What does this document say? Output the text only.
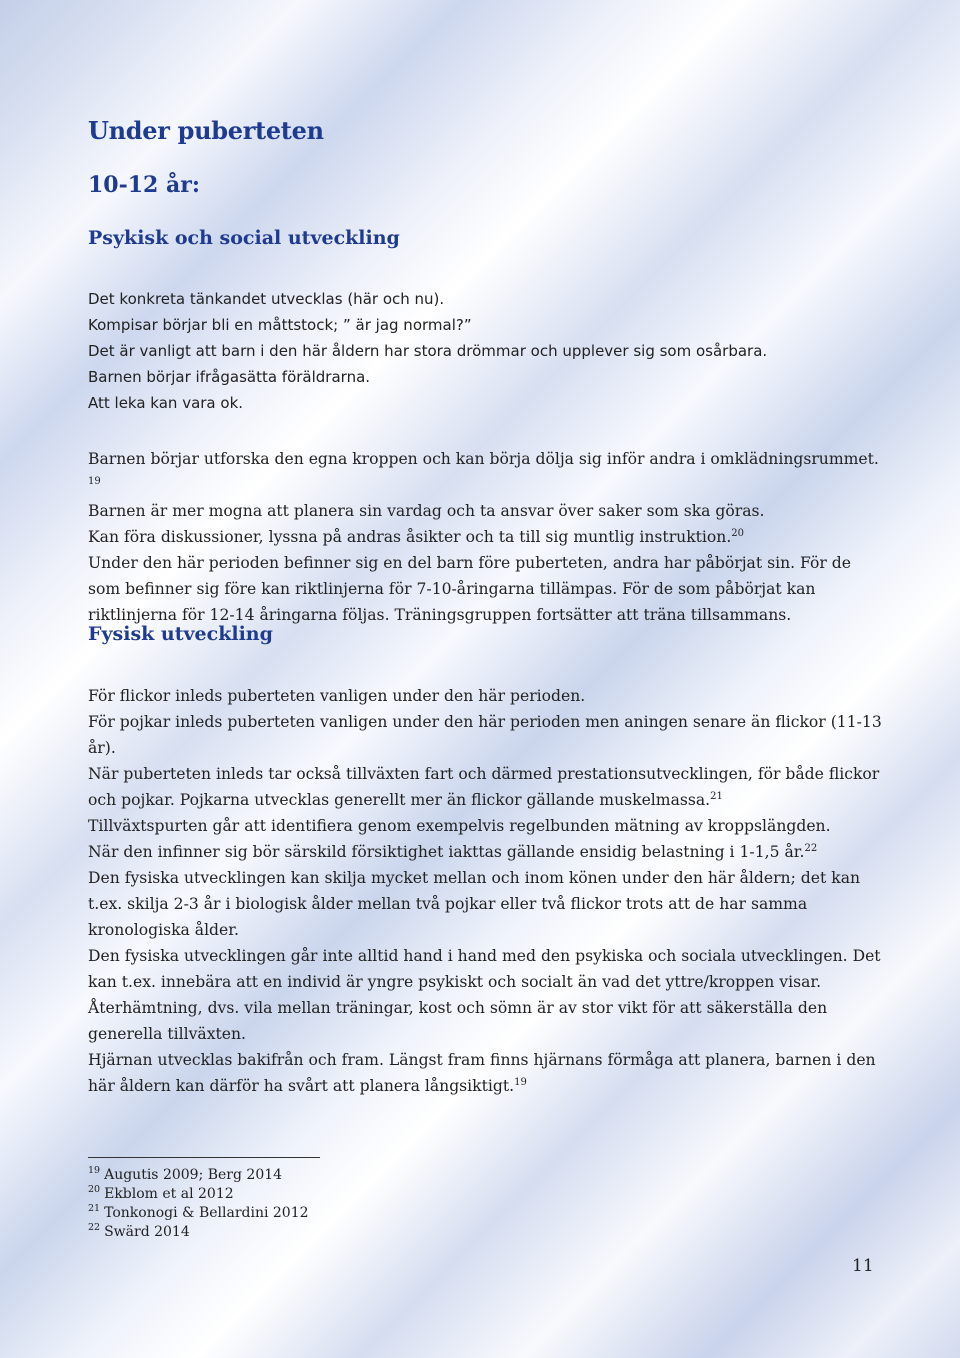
Under puberteten
10-12 år:
Psykisk och social utveckling

Det konkreta tänkandet utvecklas (här och nu).

Kompisar börjar bli en måttstock; ” är jag normal?”

Det är vanligt att barn i den här åldern har stora drömmar och upplever sig som osårbara.

Barnen börjar ifrågasätta föräldrarna.

Att leka kan vara ok.

Barnen börjar utforska den egna kroppen och kan börja dölja sig inför andra i omklädningsrummet. $^{19}$

Barnen är mer mogna att planera sin vardag och ta ansvar över saker som ska göras.

Kan föra diskussioner, lyssna på andras åsikter och ta till sig muntlig instruktion.$^{20}$

Under den här perioden befinner sig en del barn före puberteten, andra har påbörjat sin. För de som befinner sig före kan riktlinjerna för 7-10-åringarna tillämpas. För de som påbörjat kan riktlinjerna för 12-14 åringarna följas. Träningsgruppen fortsätter att träna tillsammans.

Fysisk utveckling

För flickor inleds puberteten vanligen under den här perioden.

För pojkar inleds puberteten vanligen under den här perioden men aningen senare än flickor (11-13 år).

När puberteten inleds tar också tillväxten fart och därmed prestationsutvecklingen, för både flickor och pojkar. Pojkarna utvecklas generellt mer än flickor gällande muskelmassa.$^{21}$

Tillväxtspurten går att identifiera genom exempelvis regelbunden mätning av kroppslängden.

När den infinner sig bör särskild försiktighet iakttas gällande ensidig belastning i 1-1,5 år.$^{22}$

Den fysiska utvecklingen kan skilja mycket mellan och inom könen under den här åldern; det kan t.ex. skilja 2-3 år i biologisk ålder mellan två pojkar eller två flickor trots att de har samma kronologiska ålder.

Den fysiska utvecklingen går inte alltid hand i hand med den psykiska och sociala utvecklingen. Det kan t.ex. innebära att en individ är yngre psykiskt och socialt än vad det yttre/kroppen visar.

Återhämtning, dvs. vila mellan träningar, kost och sömn är av stor vikt för att säkerställa den generella tillväxten.

Hjärnan utvecklas bakifrån och fram. Längst fram finns hjärnans förmåga att planera, barnen i den här åldern kan därför ha svårt att planera långsiktigt.$^{19}$

$^{19}$ Augutis 2009; Berg 2014
$^{20}$ Ekblom et al 2012
$^{21}$ Tonkonogi & Bellardini 2012
$^{22}$ Swärd 2014
11
